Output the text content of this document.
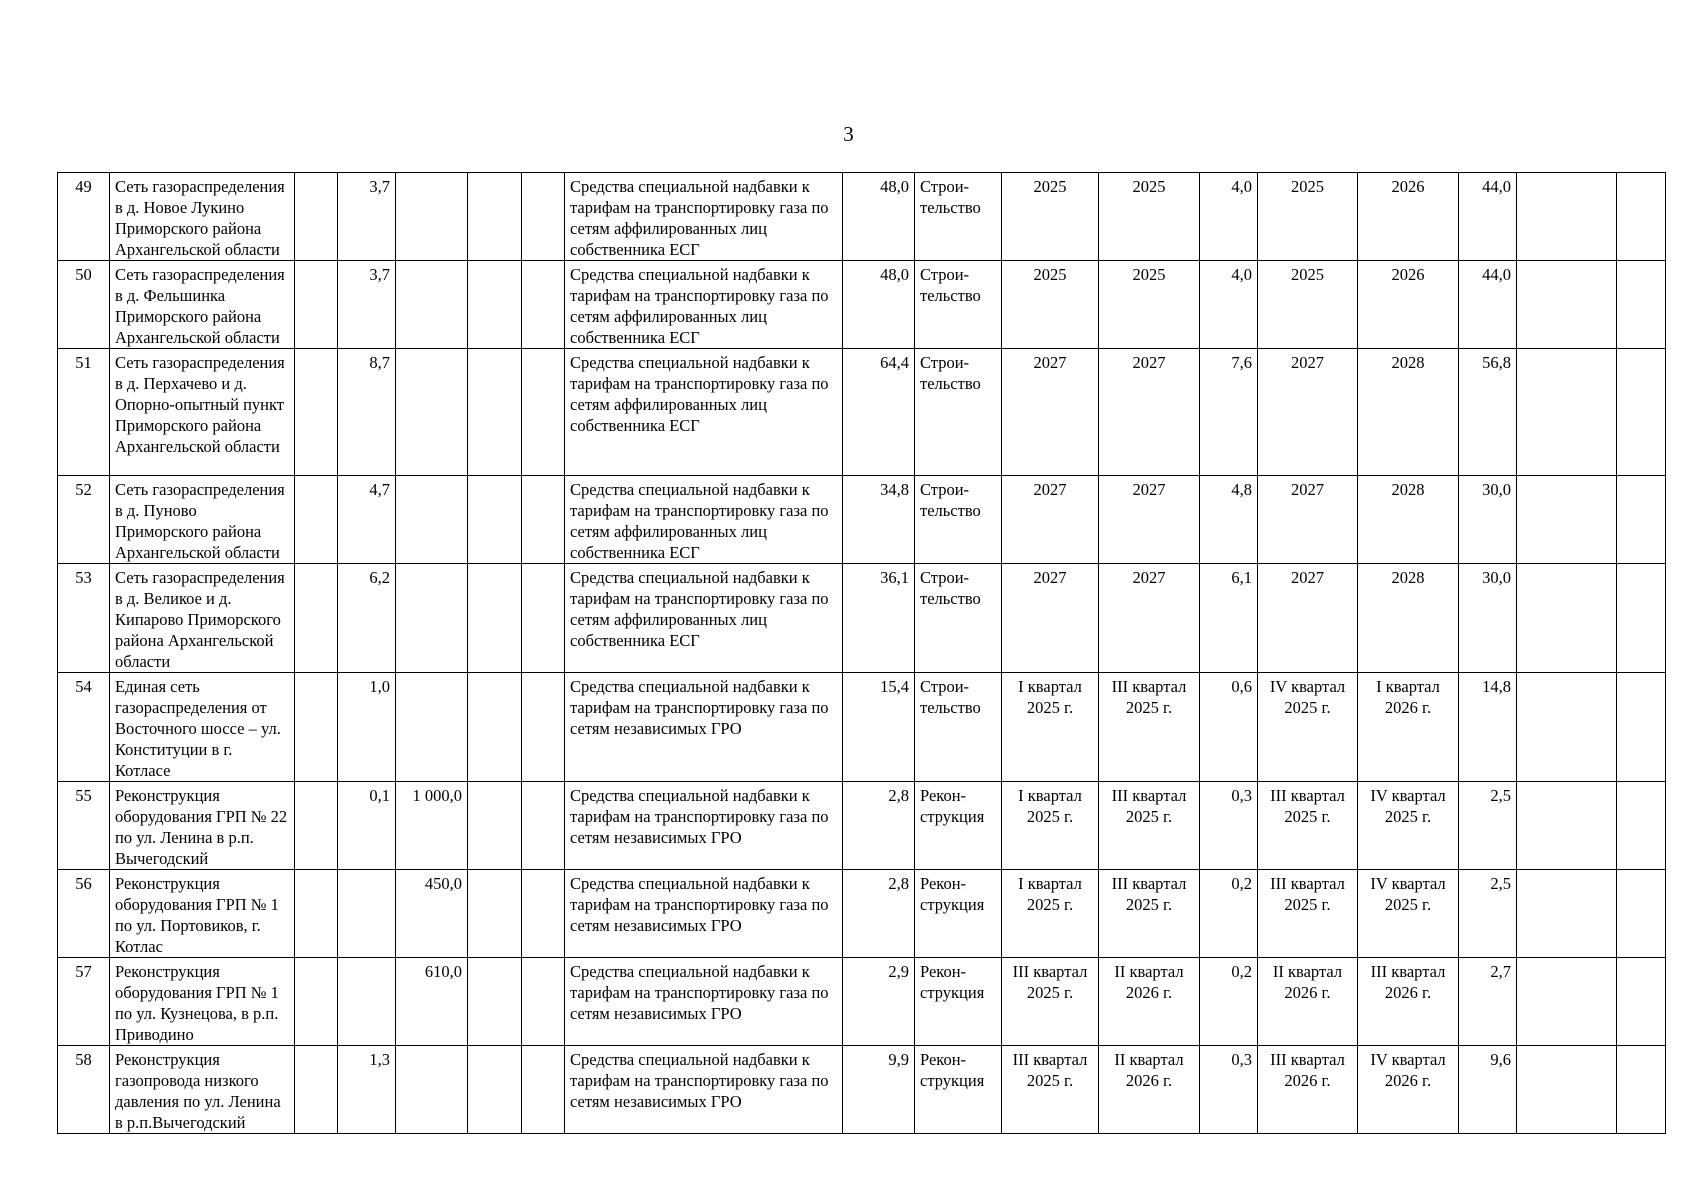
3
49	Сеть газораспределения в д. Новое Лукино Приморского района Архангельской области		3,7				Средства специальной надбавки к тарифам на транспортировку газа по сетям аффилированных лиц собственника ЕСГ	48,0	Строи-тельство	2025	2025	4,0	2025	2026	44,0		
50	Сеть газораспределения в д. Фельшинка Приморского района Архангельской области		3,7				Средства специальной надбавки к тарифам на транспортировку газа по сетям аффилированных лиц собственника ЕСГ	48,0	Строи-тельство	2025	2025	4,0	2025	2026	44,0		
51	Сеть газораспределения в д. Перхачево и д. Опорно-опытный пункт Приморского района Архангельской области		8,7				Средства специальной надбавки к тарифам на транспортировку газа по сетям аффилированных лиц собственника ЕСГ	64,4	Строи-тельство	2027	2027	7,6	2027	2028	56,8		
52	Сеть газораспределения в д. Пуново Приморского района Архангельской области		4,7				Средства специальной надбавки к тарифам на транспортировку газа по сетям аффилированных лиц собственника ЕСГ	34,8	Строи-тельство	2027	2027	4,8	2027	2028	30,0		
53	Сеть газораспределения в д. Великое и д. Кипарово Приморского района Архангельской области		6,2				Средства специальной надбавки к тарифам на транспортировку газа по сетям аффилированных лиц собственника ЕСГ	36,1	Строи-тельство	2027	2027	6,1	2027	2028	30,0		
54	Единая сеть газораспределения от Восточного шоссе – ул. Конституции в г. Котласе		1,0				Средства специальной надбавки к тарифам на транспортировку газа по сетям независимых ГРО	15,4	Строи-тельство	I квартал 2025 г.	III квартал 2025 г.	0,6	IV квартал 2025 г.	I квартал 2026 г.	14,8		
55	Реконструкция оборудования ГРП № 22 по ул. Ленина в р.п. Вычегодский		0,1	1 000,0			Средства специальной надбавки к тарифам на транспортировку газа по сетям независимых ГРО	2,8	Рекон-струкция	I квартал 2025 г.	III квартал 2025 г.	0,3	III квартал 2025 г.	IV квартал 2025 г.	2,5		
56	Реконструкция оборудования ГРП № 1 по ул. Портовиков, г. Котлас			450,0			Средства специальной надбавки к тарифам на транспортировку газа по сетям независимых ГРО	2,8	Рекон-струкция	I квартал 2025 г.	III квартал 2025 г.	0,2	III квартал 2025 г.	IV квартал 2025 г.	2,5		
57	Реконструкция оборудования ГРП № 1 по ул. Кузнецова, в р.п. Приводино			610,0			Средства специальной надбавки к тарифам на транспортировку газа по сетям независимых ГРО	2,9	Рекон-струкция	III квартал 2025 г.	II квартал 2026 г.	0,2	II квартал 2026 г.	III квартал 2026 г.	2,7		
58	Реконструкция газопровода низкого давления по ул. Ленина в р.п.Вычегодский		1,3				Средства специальной надбавки к тарифам на транспортировку газа по сетям независимых ГРО	9,9	Рекон-струкция	III квартал 2025 г.	II квартал 2026 г.	0,3	III квартал 2026 г.	IV квартал 2026 г.	9,6		
